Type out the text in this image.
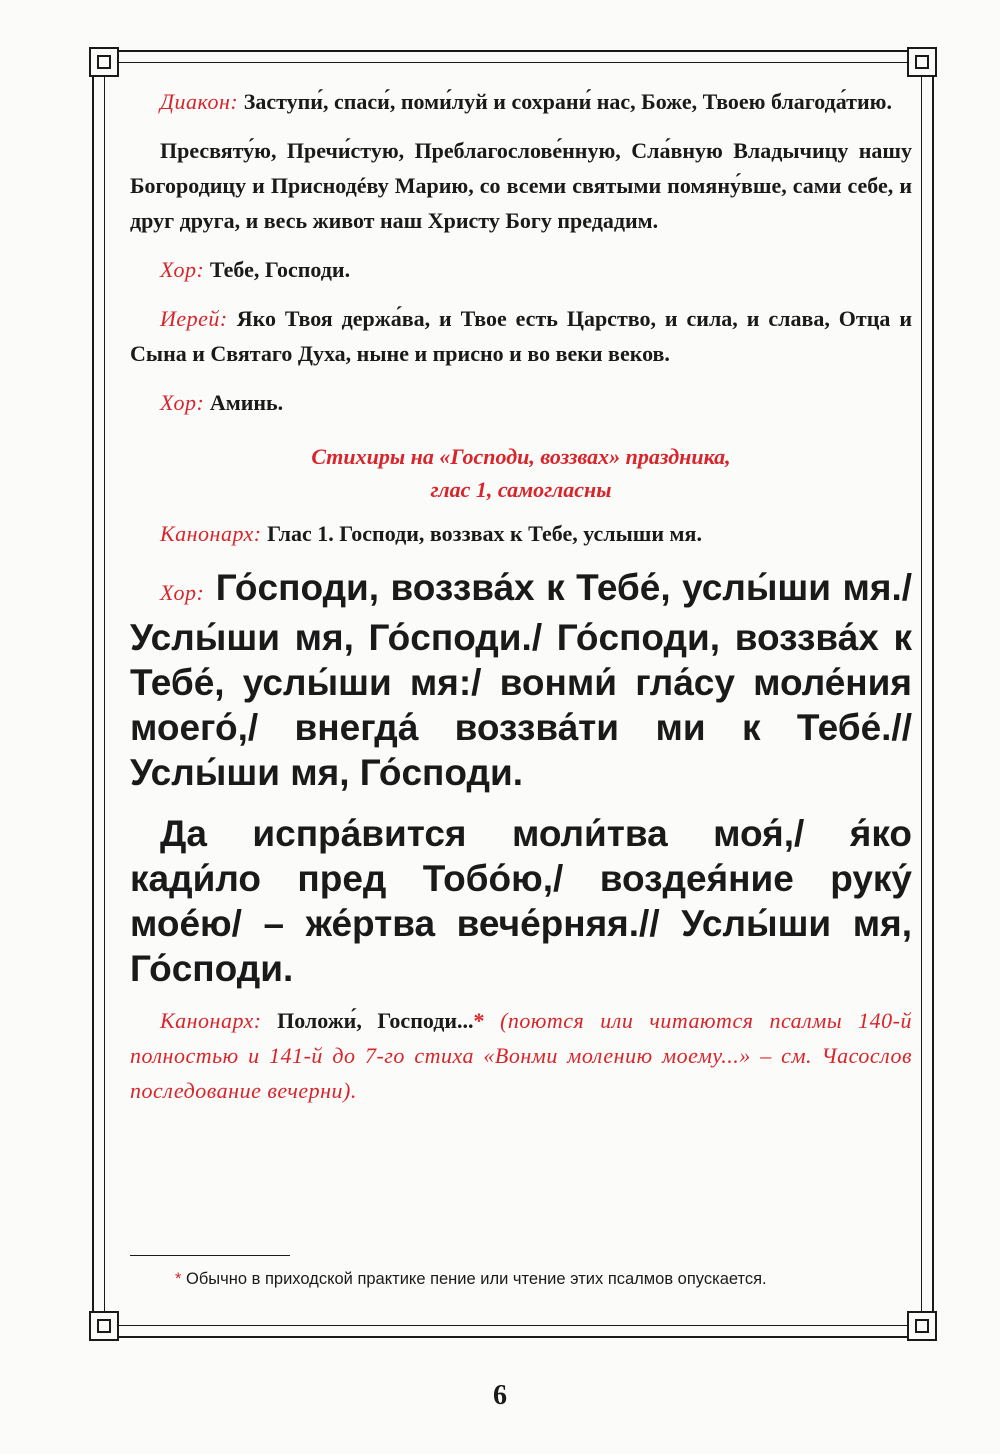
Диакон: Заступи́, спаси́, поми́луй и сохрани́ нас, Боже, Твоею благода́тию.

Пресвяту́ю, Пречи́стую, Преблагослове́нную, Сла́вную Владычицу нашу Богородицу и Приснодéву Марию, со всеми святыми помяну́вше, сами себе, и друг друга, и весь живот наш Христу Богу предадим.

Хор: Тебе, Господи.

Иерей: Яко Твоя держа́ва, и Твое есть Царство, и сила, и слава, Отца и Сына и Святаго Духа, ныне и присно и во веки веков.

Хор: Аминь.

Стихиры на «Господи, воззвах» праздника,
глас 1, самогласны

Канонарх: Глас 1. Господи, воззвах к Тебе, услыши мя.

Хор: Го́споди, воззва́х к Тебе́, услы́ши мя./ Услы́ши мя, Го́споди./ Го́споди, воззва́х к Тебе́, услы́ши мя:/ вонми́ гла́су моле́ния моего́,/ внегда́ воззва́ти ми к Тебе́.// Услы́ши мя, Го́споди.

Да испра́вится моли́тва моя́,/ я́ко кади́ло пред Тобо́ю,/ воздея́ние руку́ моéю/ – же́ртва вече́рняя.// Услы́ши мя, Го́споди.

Канонарх: Положи́, Господи...* (поются или читаются псалмы 140-й полностью и 141-й до 7-го стиха «Вонми молению моему...» – см. Часослов последование вечерни).

* Обычно в приходской практике пение или чтение этих псалмов опускается.
6
